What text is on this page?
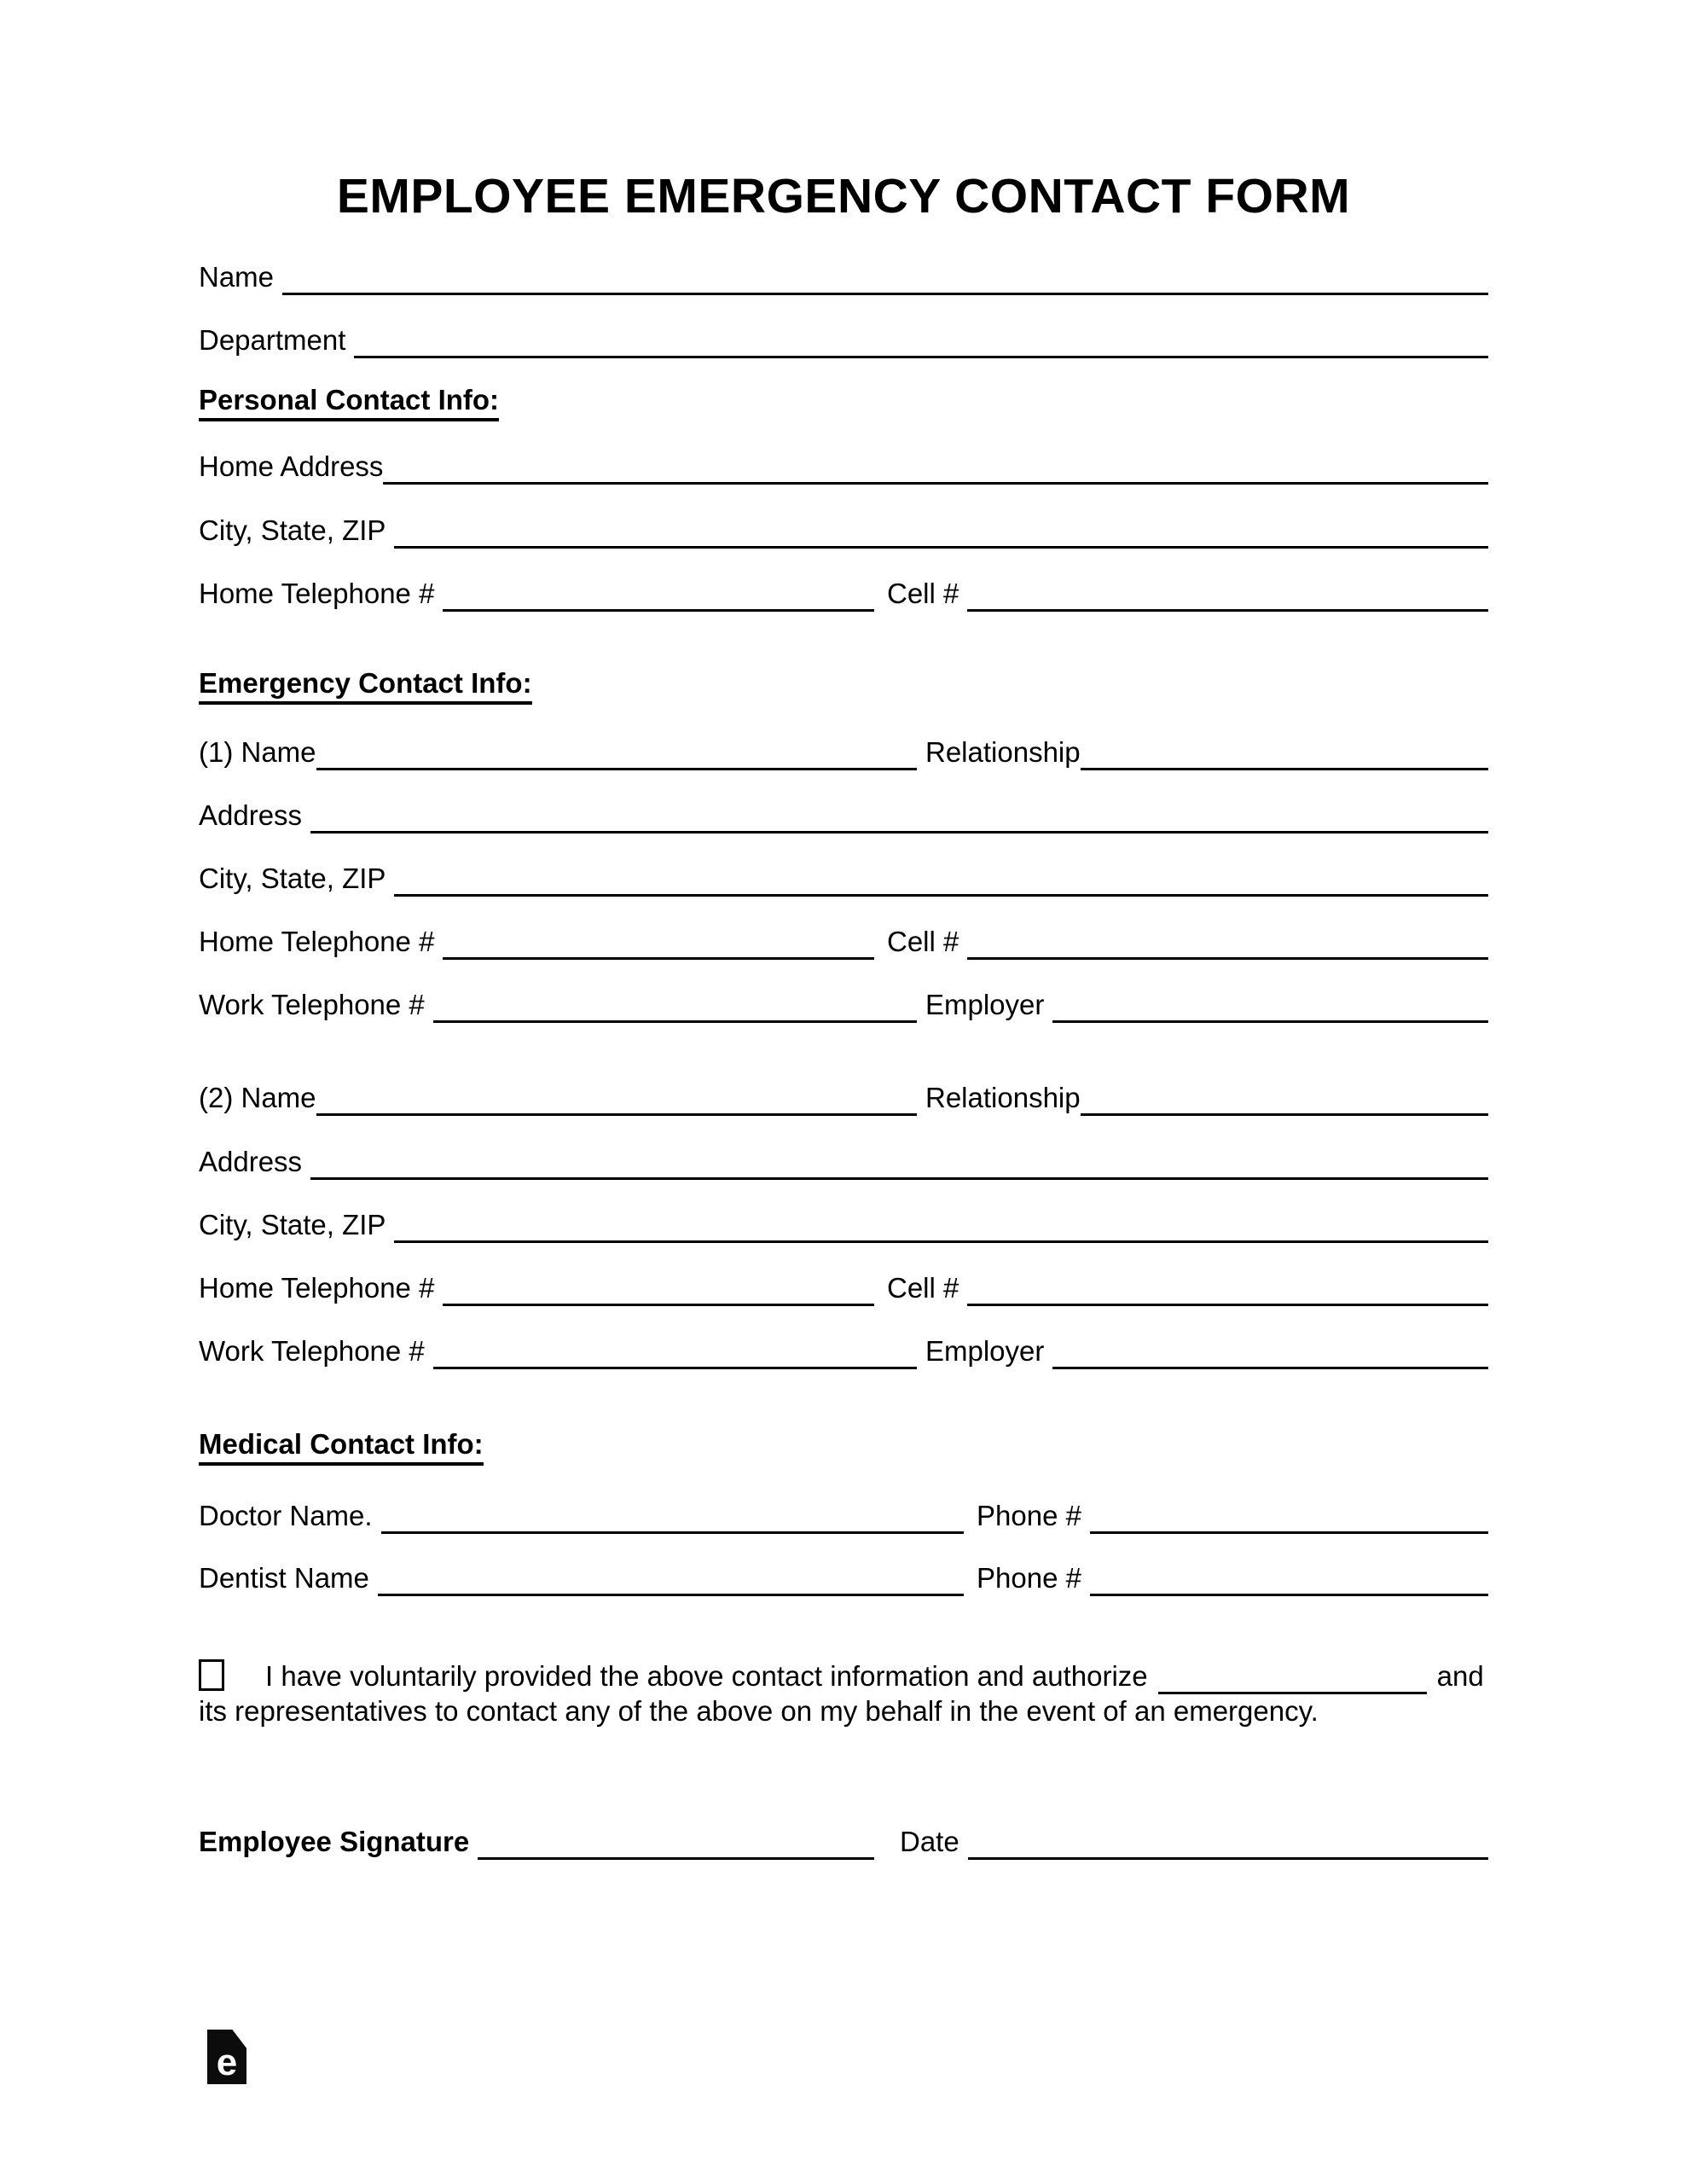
EMPLOYEE EMERGENCY CONTACT FORM
Name
Department
Personal Contact Info:
Home Address
City, State, ZIP
Home Telephone #	Cell #
Emergency Contact Info:
(1) Name	Relationship
Address
City, State, ZIP
Home Telephone #	Cell #
Work Telephone #	Employer
(2) Name	Relationship
Address
City, State, ZIP
Home Telephone #	Cell #
Work Telephone #	Employer
Medical Contact Info:
Doctor Name.	Phone #
Dentist Name	Phone #
I have voluntarily provided the above contact information and authorize	and
its representatives to contact any of the above on my behalf in the event of an emergency.
Employee Signature	Date
e
